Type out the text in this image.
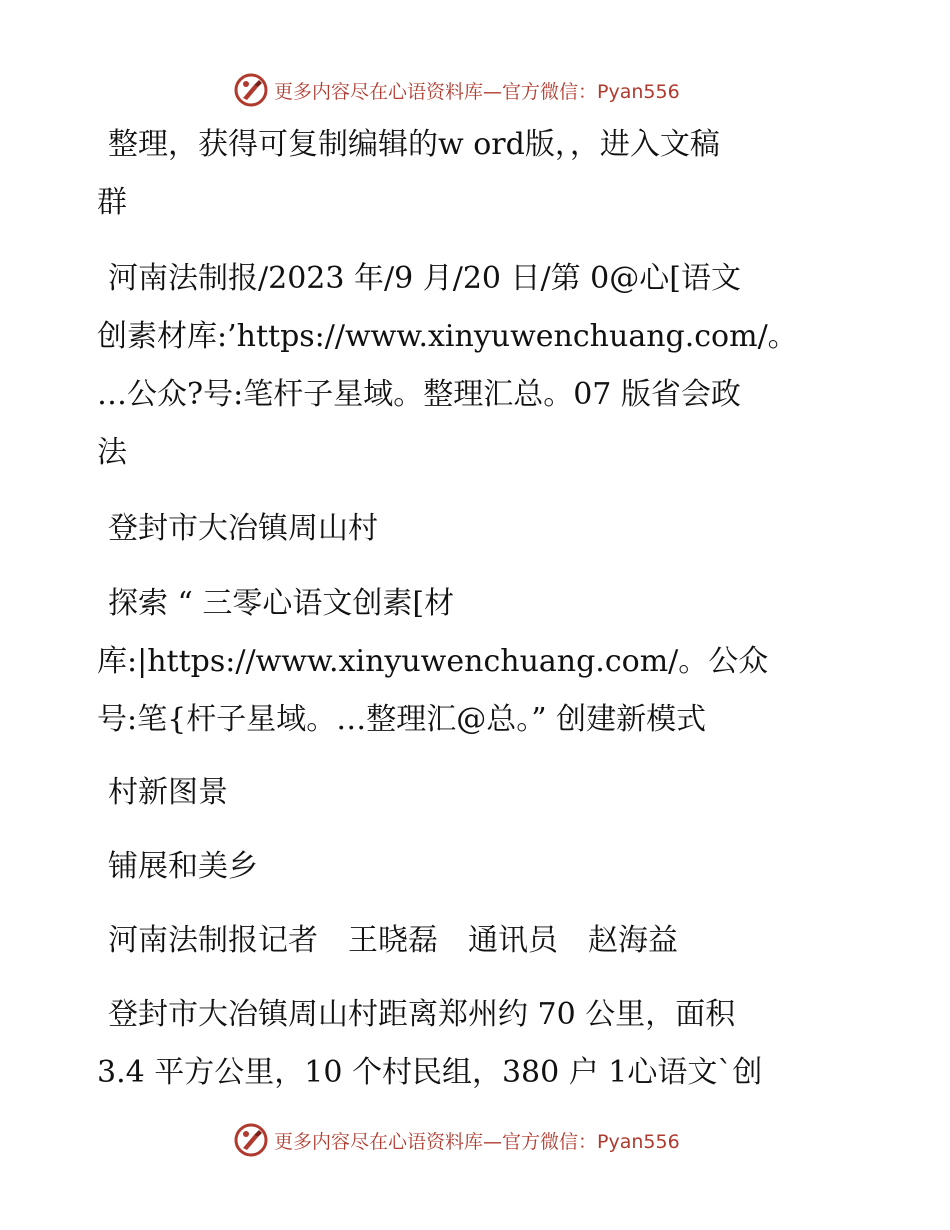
更多内容尽在心语资料库—官方微信：Pyan556
整理，获得可复制编辑的w ord版，，进入文稿
群
河南法制报/2023 年/9 月/20 日/第 0@心[语文
创素材库:’https://www.xinyuwenchuang.com/。
…公众?号:笔杆子星域。整理汇总。07 版省会政
法
登封市大冶镇周山村
探索 “ 三零心语文创素[材
库:|https://www.xinyuwenchuang.com/。公众
号:笔{杆子星域。…整理汇@总。” 创建新模式
村新图景
铺展和美乡
河南法制报记者　王晓磊　通讯员　赵海益
登封市大冶镇周山村距离郑州约 70 公里，面积
3.4 平方公里，10 个村民组，380 户 1心语文`创
更多内容尽在心语资料库—官方微信：Pyan556
